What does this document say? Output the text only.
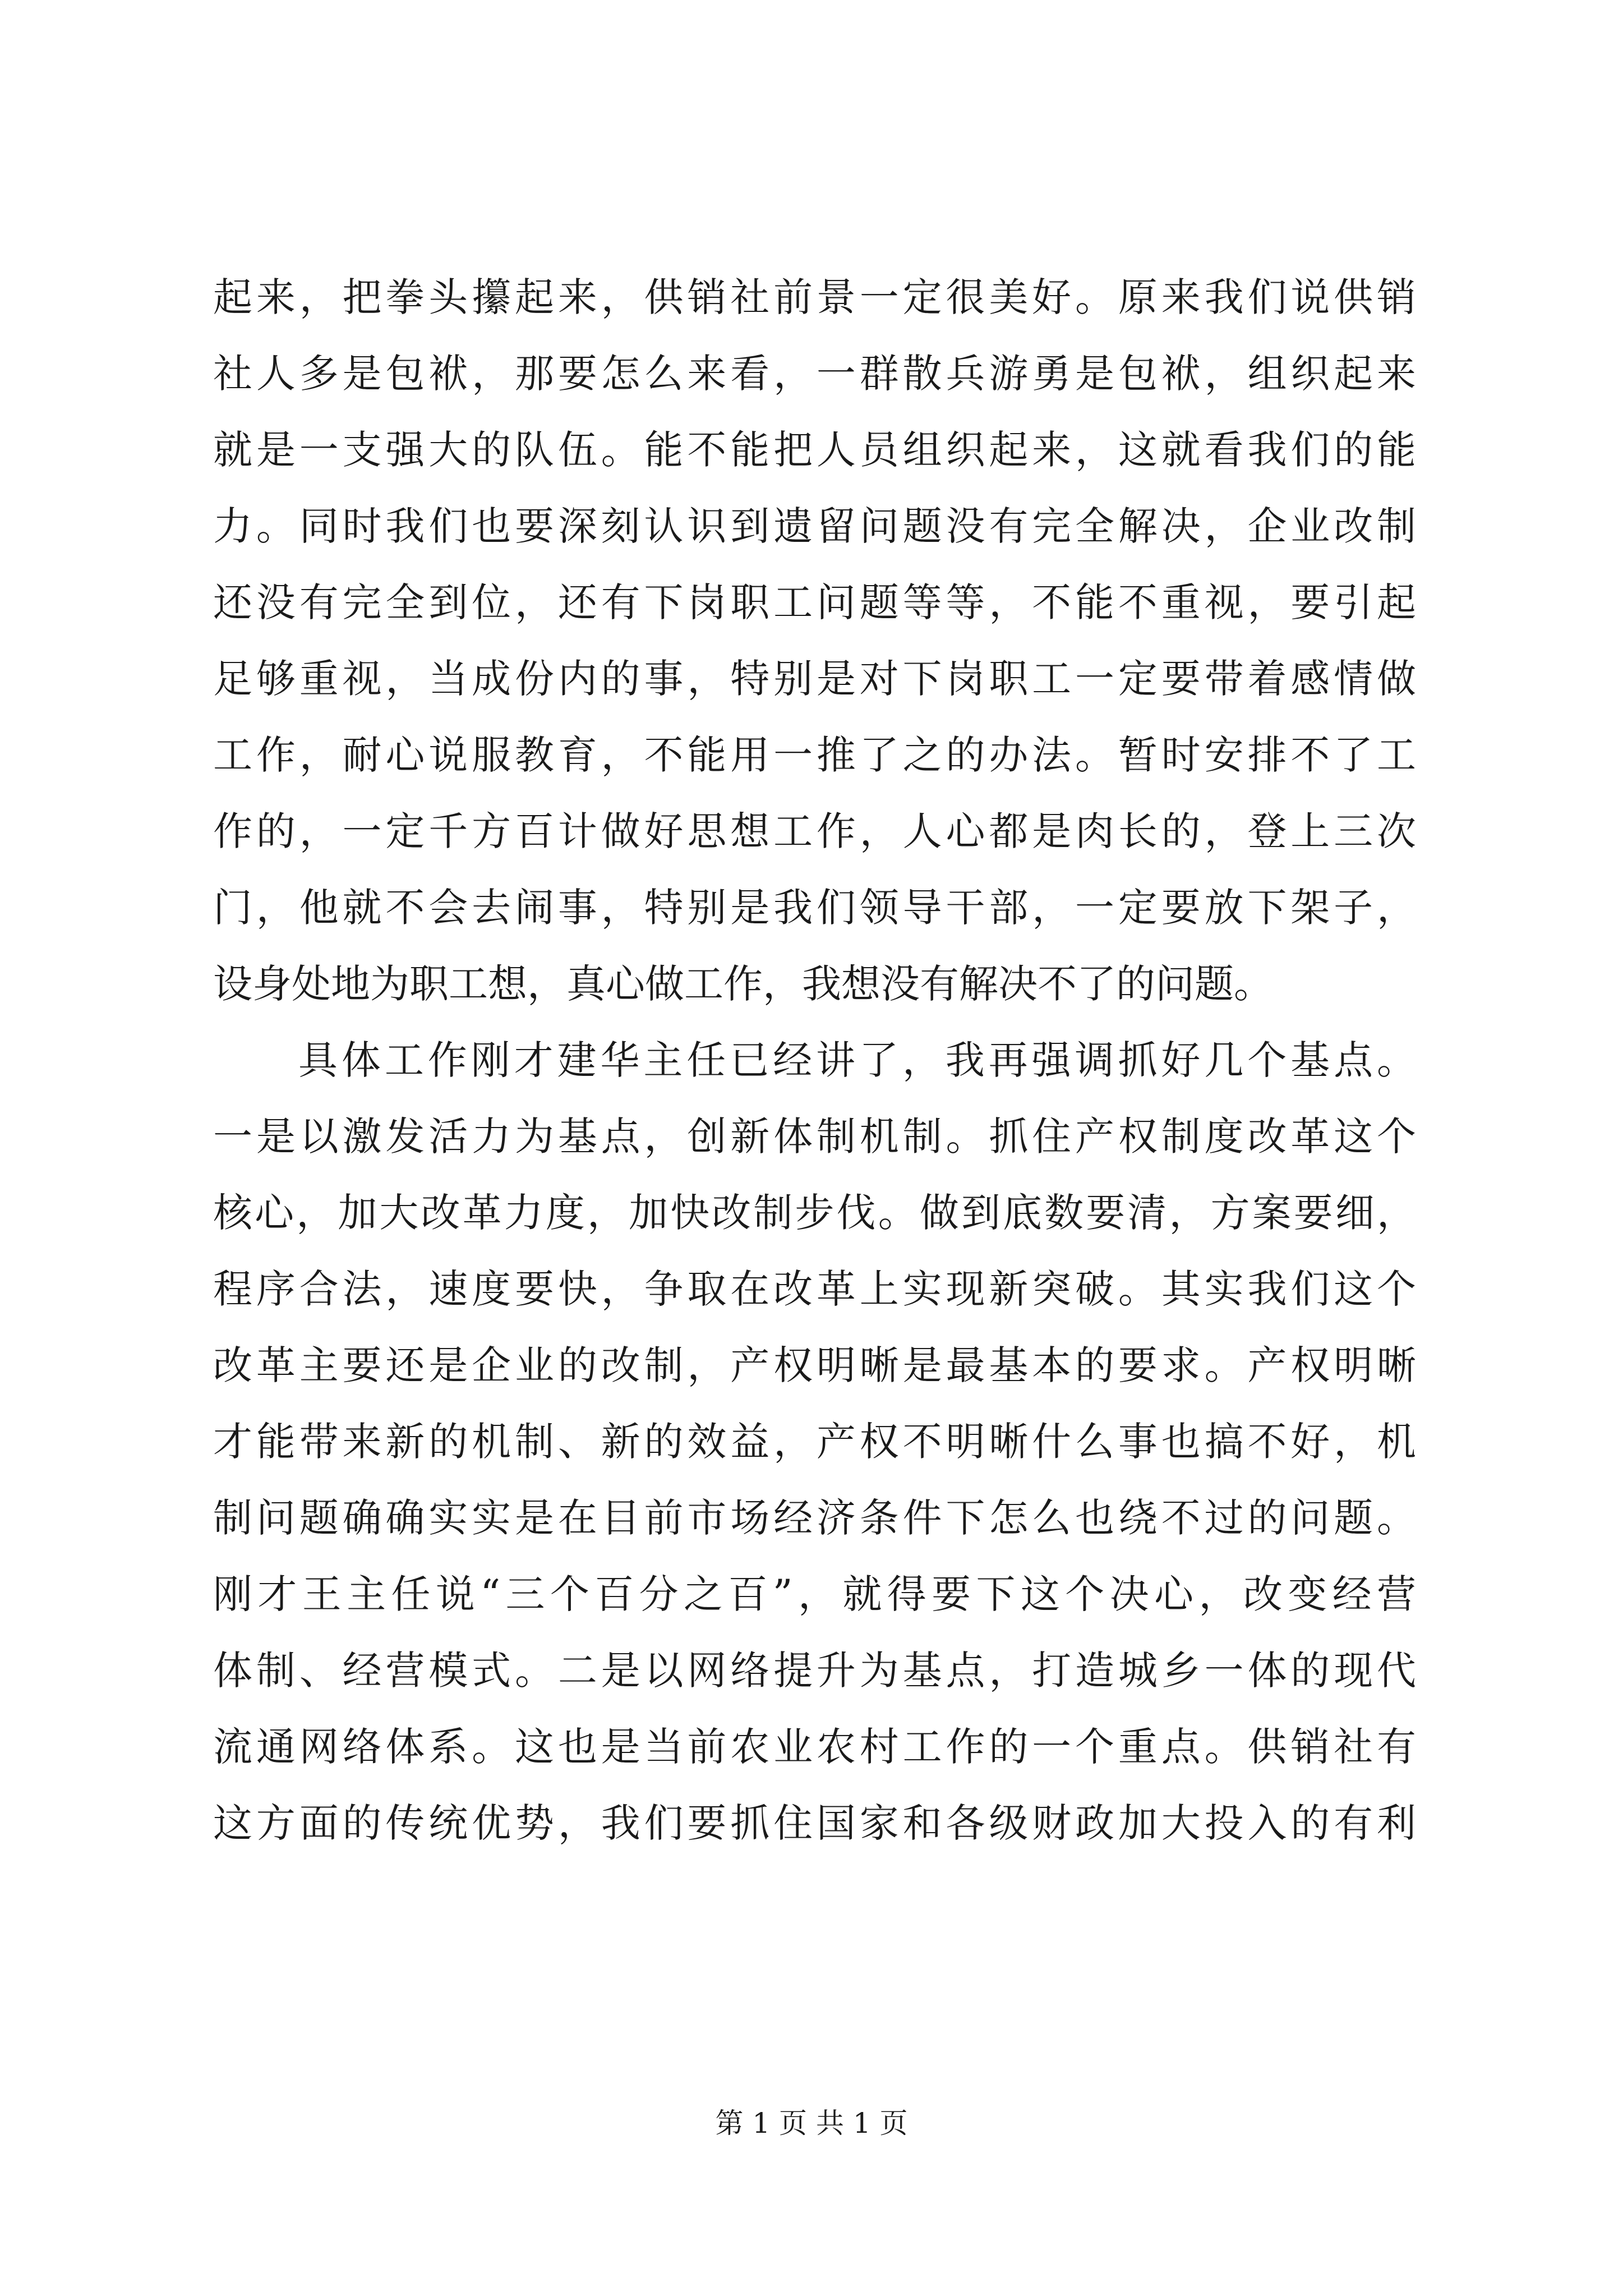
起来，把拳头攥起来，供销社前景一定很美好。原来我们说供销
社人多是包袱，那要怎么来看，一群散兵游勇是包袱，组织起来
就是一支强大的队伍。能不能把人员组织起来，这就看我们的能
力。同时我们也要深刻认识到遗留问题没有完全解决，企业改制
还没有完全到位，还有下岗职工问题等等，不能不重视，要引起
足够重视，当成份内的事，特别是对下岗职工一定要带着感情做
工作，耐心说服教育，不能用一推了之的办法。暂时安排不了工
作的，一定千方百计做好思想工作，人心都是肉长的，登上三次
门，他就不会去闹事，特别是我们领导干部，一定要放下架子，
设身处地为职工想，真心做工作，我想没有解决不了的问题。
具体工作刚才建华主任已经讲了，我再强调抓好几个基点。
一是以激发活力为基点，创新体制机制。抓住产权制度改革这个
核心，加大改革力度，加快改制步伐。做到底数要清，方案要细，
程序合法，速度要快，争取在改革上实现新突破。其实我们这个
改革主要还是企业的改制，产权明晰是最基本的要求。产权明晰
才能带来新的机制、新的效益，产权不明晰什么事也搞不好，机
制问题确确实实是在目前市场经济条件下怎么也绕不过的问题。
刚才王主任说“三个百分之百”，就得要下这个决心，改变经营
体制、经营模式。二是以网络提升为基点，打造城乡一体的现代
流通网络体系。这也是当前农业农村工作的一个重点。供销社有
这方面的传统优势，我们要抓住国家和各级财政加大投入的有利
第 1 页 共 1 页
